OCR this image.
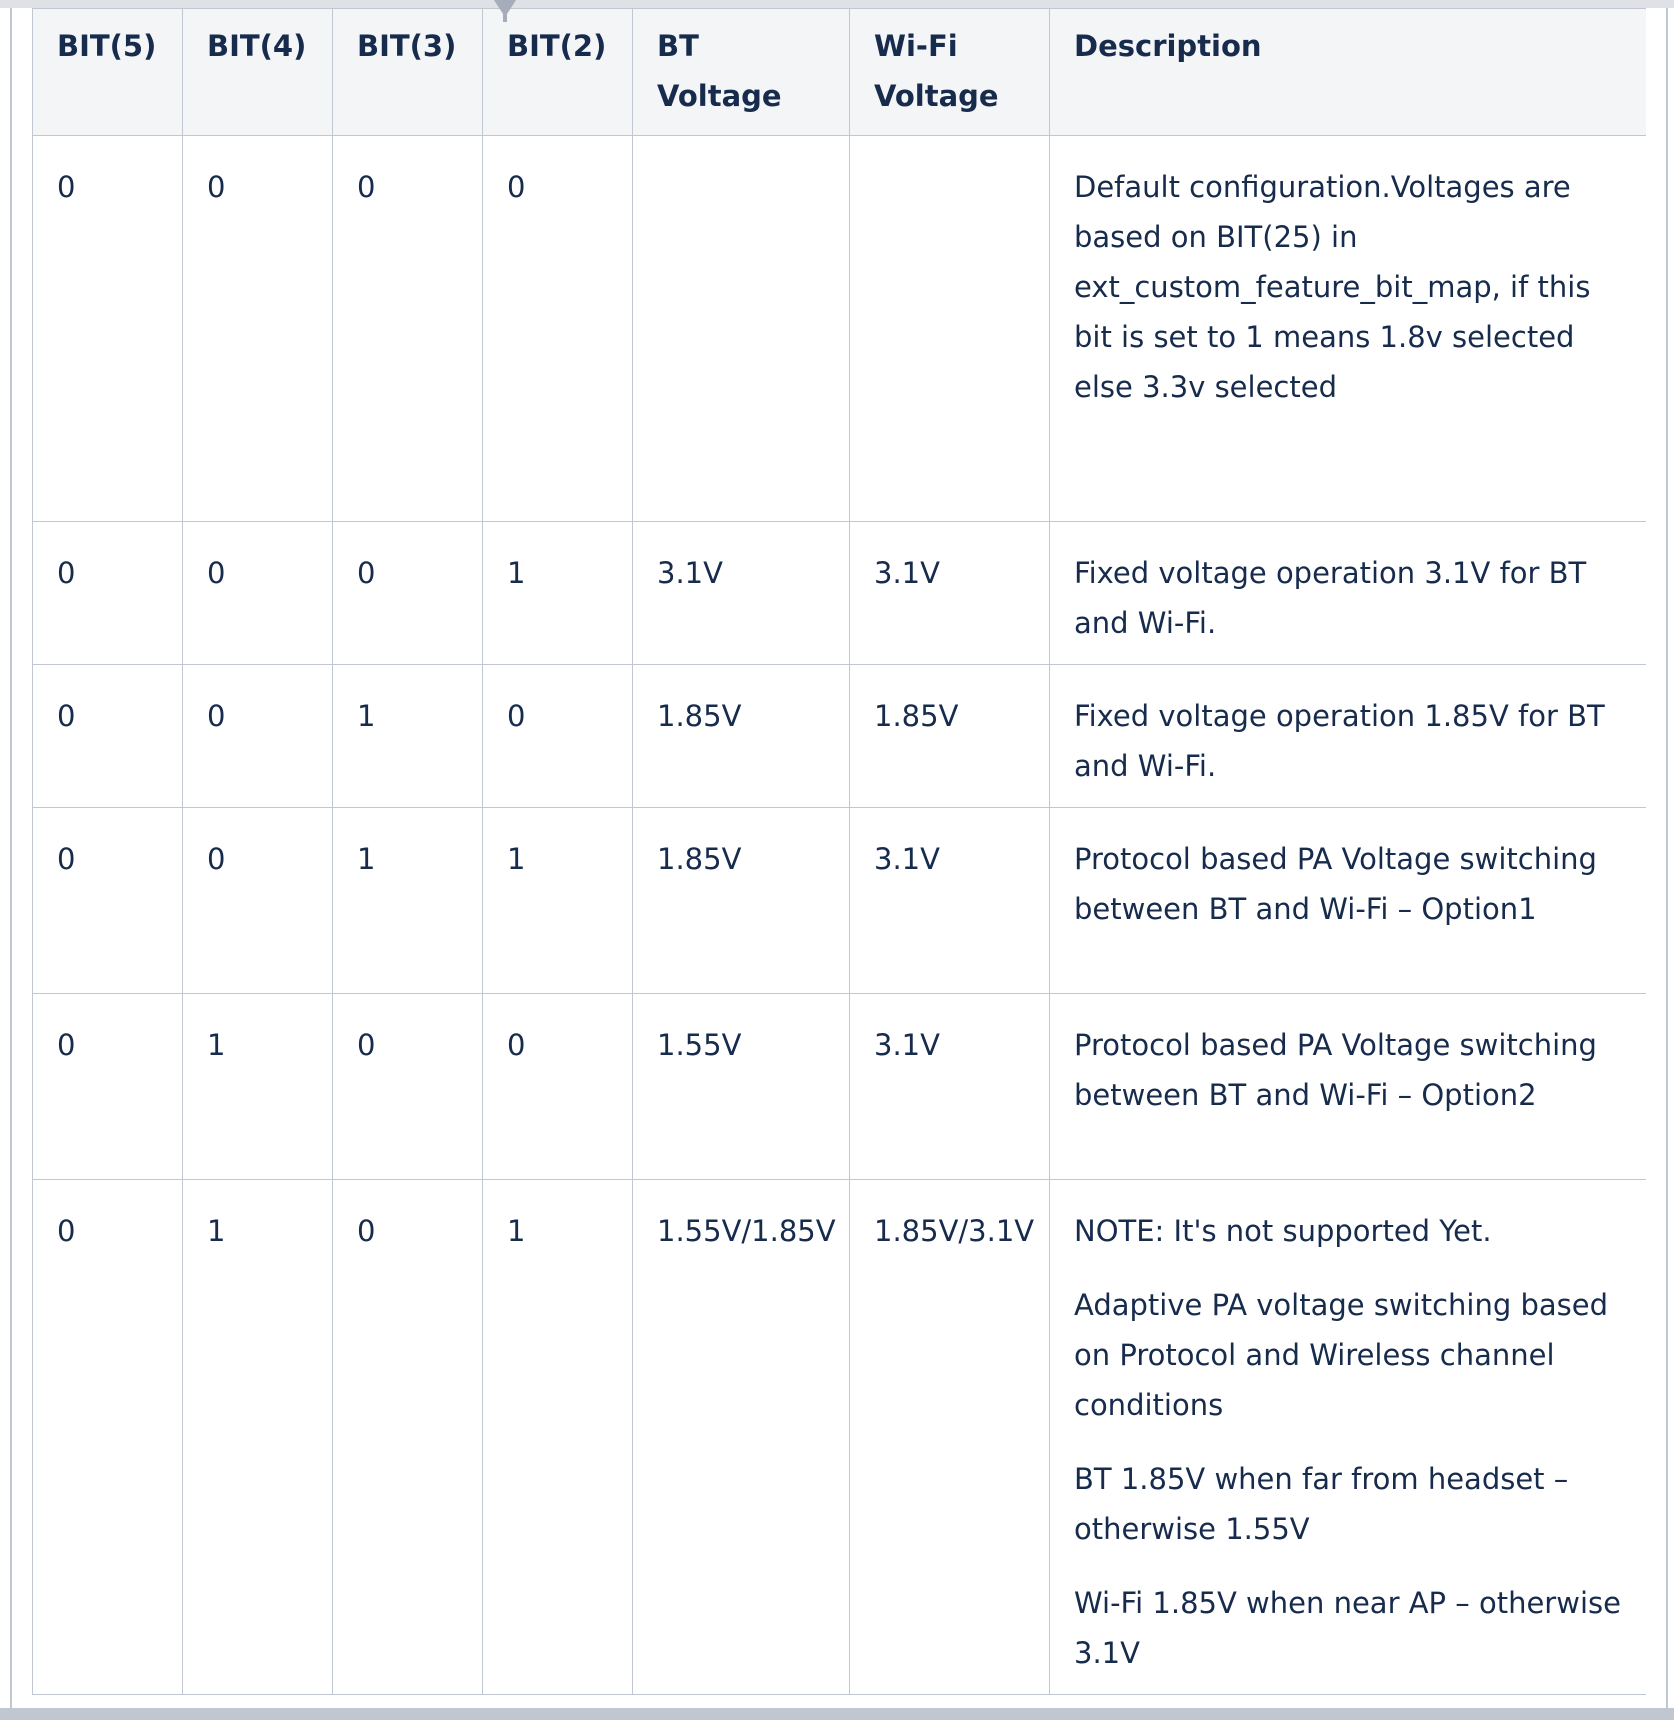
BIT(5)	BIT(4)	BIT(3)	BIT(2)	BT Voltage	Wi-Fi Voltage	Description
0	0	0	0			Default configuration.Voltages are based on BIT(25) in ext_custom_feature_bit_map, if this bit is set to 1 means 1.8v selected else 3.3v selected

0	0	0	1	3.1V	3.1V	Fixed voltage operation 3.1V for BT and Wi-Fi.

0	0	1	0	1.85V	1.85V	Fixed voltage operation 1.85V for BT and Wi-Fi.

0	0	1	1	1.85V	3.1V	Protocol based PA Voltage switching between BT and Wi-Fi – Option1

0	1	0	0	1.55V	3.1V	Protocol based PA Voltage switching between BT and Wi-Fi – Option2

0	1	0	1	1.55V/1.85V	1.85V/3.1V	NOTE: It's not supported Yet.

Adaptive PA voltage switching based on Protocol and Wireless channel conditions

BT 1.85V when far from headset – otherwise 1.55V

Wi-Fi 1.85V when near AP – otherwise 3.1V
